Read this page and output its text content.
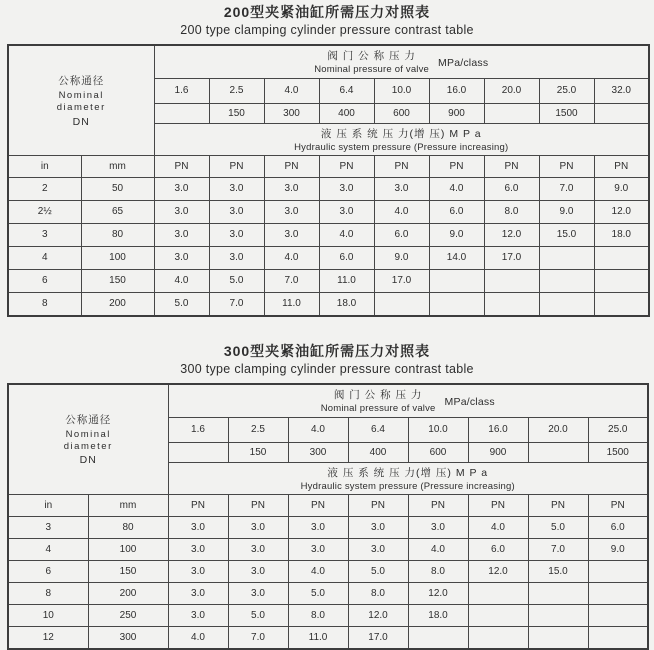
200型夹紧油缸所需压力对照表
200 type clamping cylinder pressure contrast table
公称通径
Nominal
diameter
DN

阀 门 公 称 压 力
Nominal pressure of valve
MPa/class

		1.6	2.5	4.0	6.4	10.0	16.0	20.0	25.0	32.0
			150	300	400	600	900		1500	

		液 压 系 统 压 力(增 压) M P a
Hydraulic system pressure (Pressure increasing)								

in	mm	PN	PN	PN	PN	PN	PN	PN	PN	PN
2	50	3.0	3.0	3.0	3.0	3.0	4.0	6.0	7.0	9.0
2½	65	3.0	3.0	3.0	3.0	4.0	6.0	8.0	9.0	12.0
3	80	3.0	3.0	3.0	4.0	6.0	9.0	12.0	15.0	18.0
4	100	3.0	3.0	4.0	6.0	9.0	14.0	17.0		
6	150	4.0	5.0	7.0	11.0	17.0				
8	200	5.0	7.0	11.0	18.0					
300型夹紧油缸所需压力对照表
300 type clamping cylinder pressure contrast table
公称通径
Nominal
diameter
DN

阀 门 公 称 压 力
Nominal pressure of valve
MPa/class

		1.6	2.5	4.0	6.4	10.0	16.0	20.0	25.0
			150	300	400	600	900		1500

		液 压 系 统 压 力(增 压) M P a
Hydraulic system pressure (Pressure increasing)							

in	mm	PN	PN	PN	PN	PN	PN	PN	PN
3	80	3.0	3.0	3.0	3.0	3.0	4.0	5.0	6.0
4	100	3.0	3.0	3.0	3.0	4.0	6.0	7.0	9.0
6	150	3.0	3.0	4.0	5.0	8.0	12.0	15.0	
8	200	3.0	3.0	5.0	8.0	12.0			
10	250	3.0	5.0	8.0	12.0	18.0			
12	300	4.0	7.0	11.0	17.0				
